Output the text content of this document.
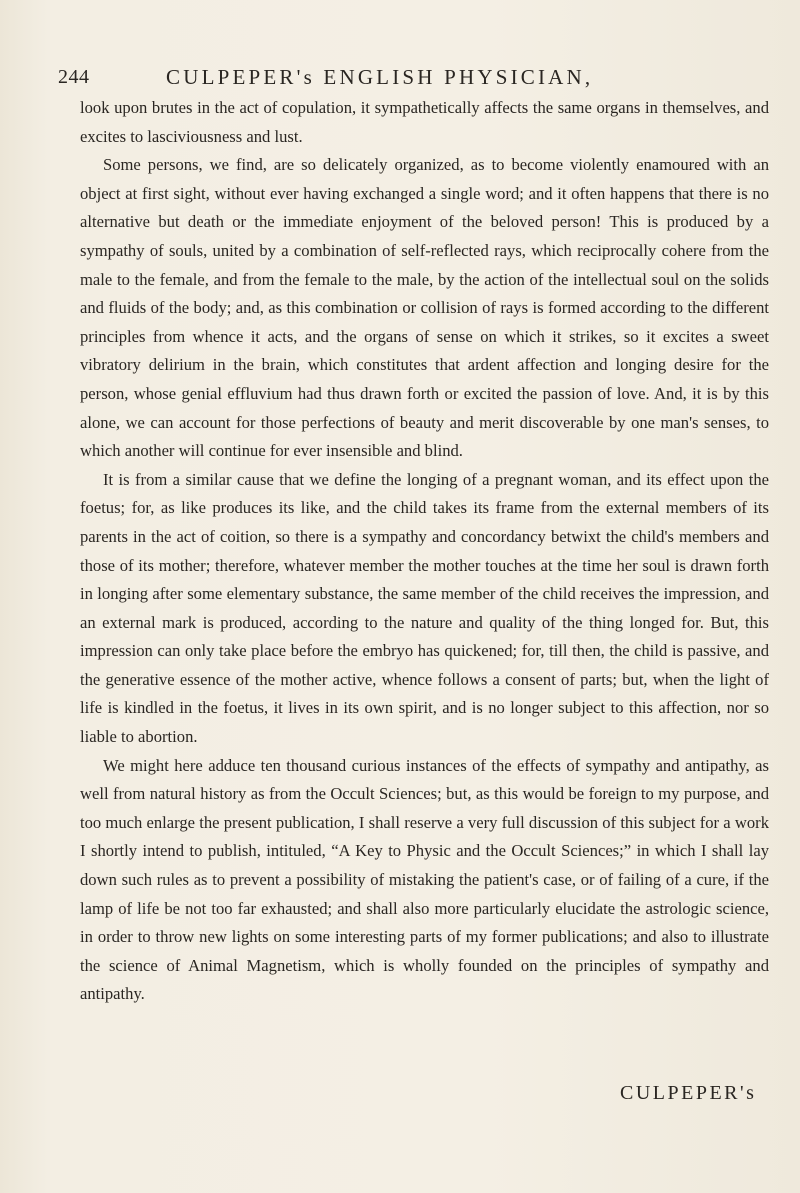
244	CULPEPER's ENGLISH PHYSICIAN,

look upon brutes in the act of copulation, it sympathetically affects the same organs in themselves, and excites to lasciviousness and lust.

Some persons, we find, are so delicately organized, as to become violently enamoured with an object at first sight, without ever having exchanged a single word; and it often happens that there is no alternative but death or the immediate enjoyment of the beloved person! This is produced by a sympathy of souls, united by a combination of self-reflected rays, which reciprocally cohere from the male to the female, and from the female to the male, by the action of the intellectual soul on the solids and fluids of the body; and, as this combination or collision of rays is formed according to the different principles from whence it acts, and the organs of sense on which it strikes, so it excites a sweet vibratory delirium in the brain, which constitutes that ardent affection and longing desire for the person, whose genial effluvium had thus drawn forth or excited the passion of love. And, it is by this alone, we can account for those perfections of beauty and merit discoverable by one man's senses, to which another will continue for ever insensible and blind.

It is from a similar cause that we define the longing of a pregnant woman, and its effect upon the foetus; for, as like produces its like, and the child takes its frame from the external members of its parents in the act of coition, so there is a sympathy and concordancy betwixt the child's members and those of its mother; therefore, whatever member the mother touches at the time her soul is drawn forth in longing after some elementary substance, the same member of the child receives the impression, and an external mark is produced, according to the nature and quality of the thing longed for. But, this impression can only take place before the embryo has quickened; for, till then, the child is passive, and the generative essence of the mother active, whence follows a consent of parts; but, when the light of life is kindled in the foetus, it lives in its own spirit, and is no longer subject to this affection, nor so liable to abortion.

We might here adduce ten thousand curious instances of the effects of sympathy and antipathy, as well from natural history as from the Occult Sciences; but, as this would be foreign to my purpose, and too much enlarge the present publication, I shall reserve a very full discussion of this subject for a work I shortly intend to publish, intituled, “A Key to Physic and the Occult Sciences;” in which I shall lay down such rules as to prevent a possibility of mistaking the patient's case, or of failing of a cure, if the lamp of life be not too far exhausted; and shall also more particularly elucidate the astrologic science, in order to throw new lights on some interesting parts of my former publications; and also to illustrate the science of Animal Magnetism, which is wholly founded on the principles of sympathy and antipathy.

CULPEPER's
